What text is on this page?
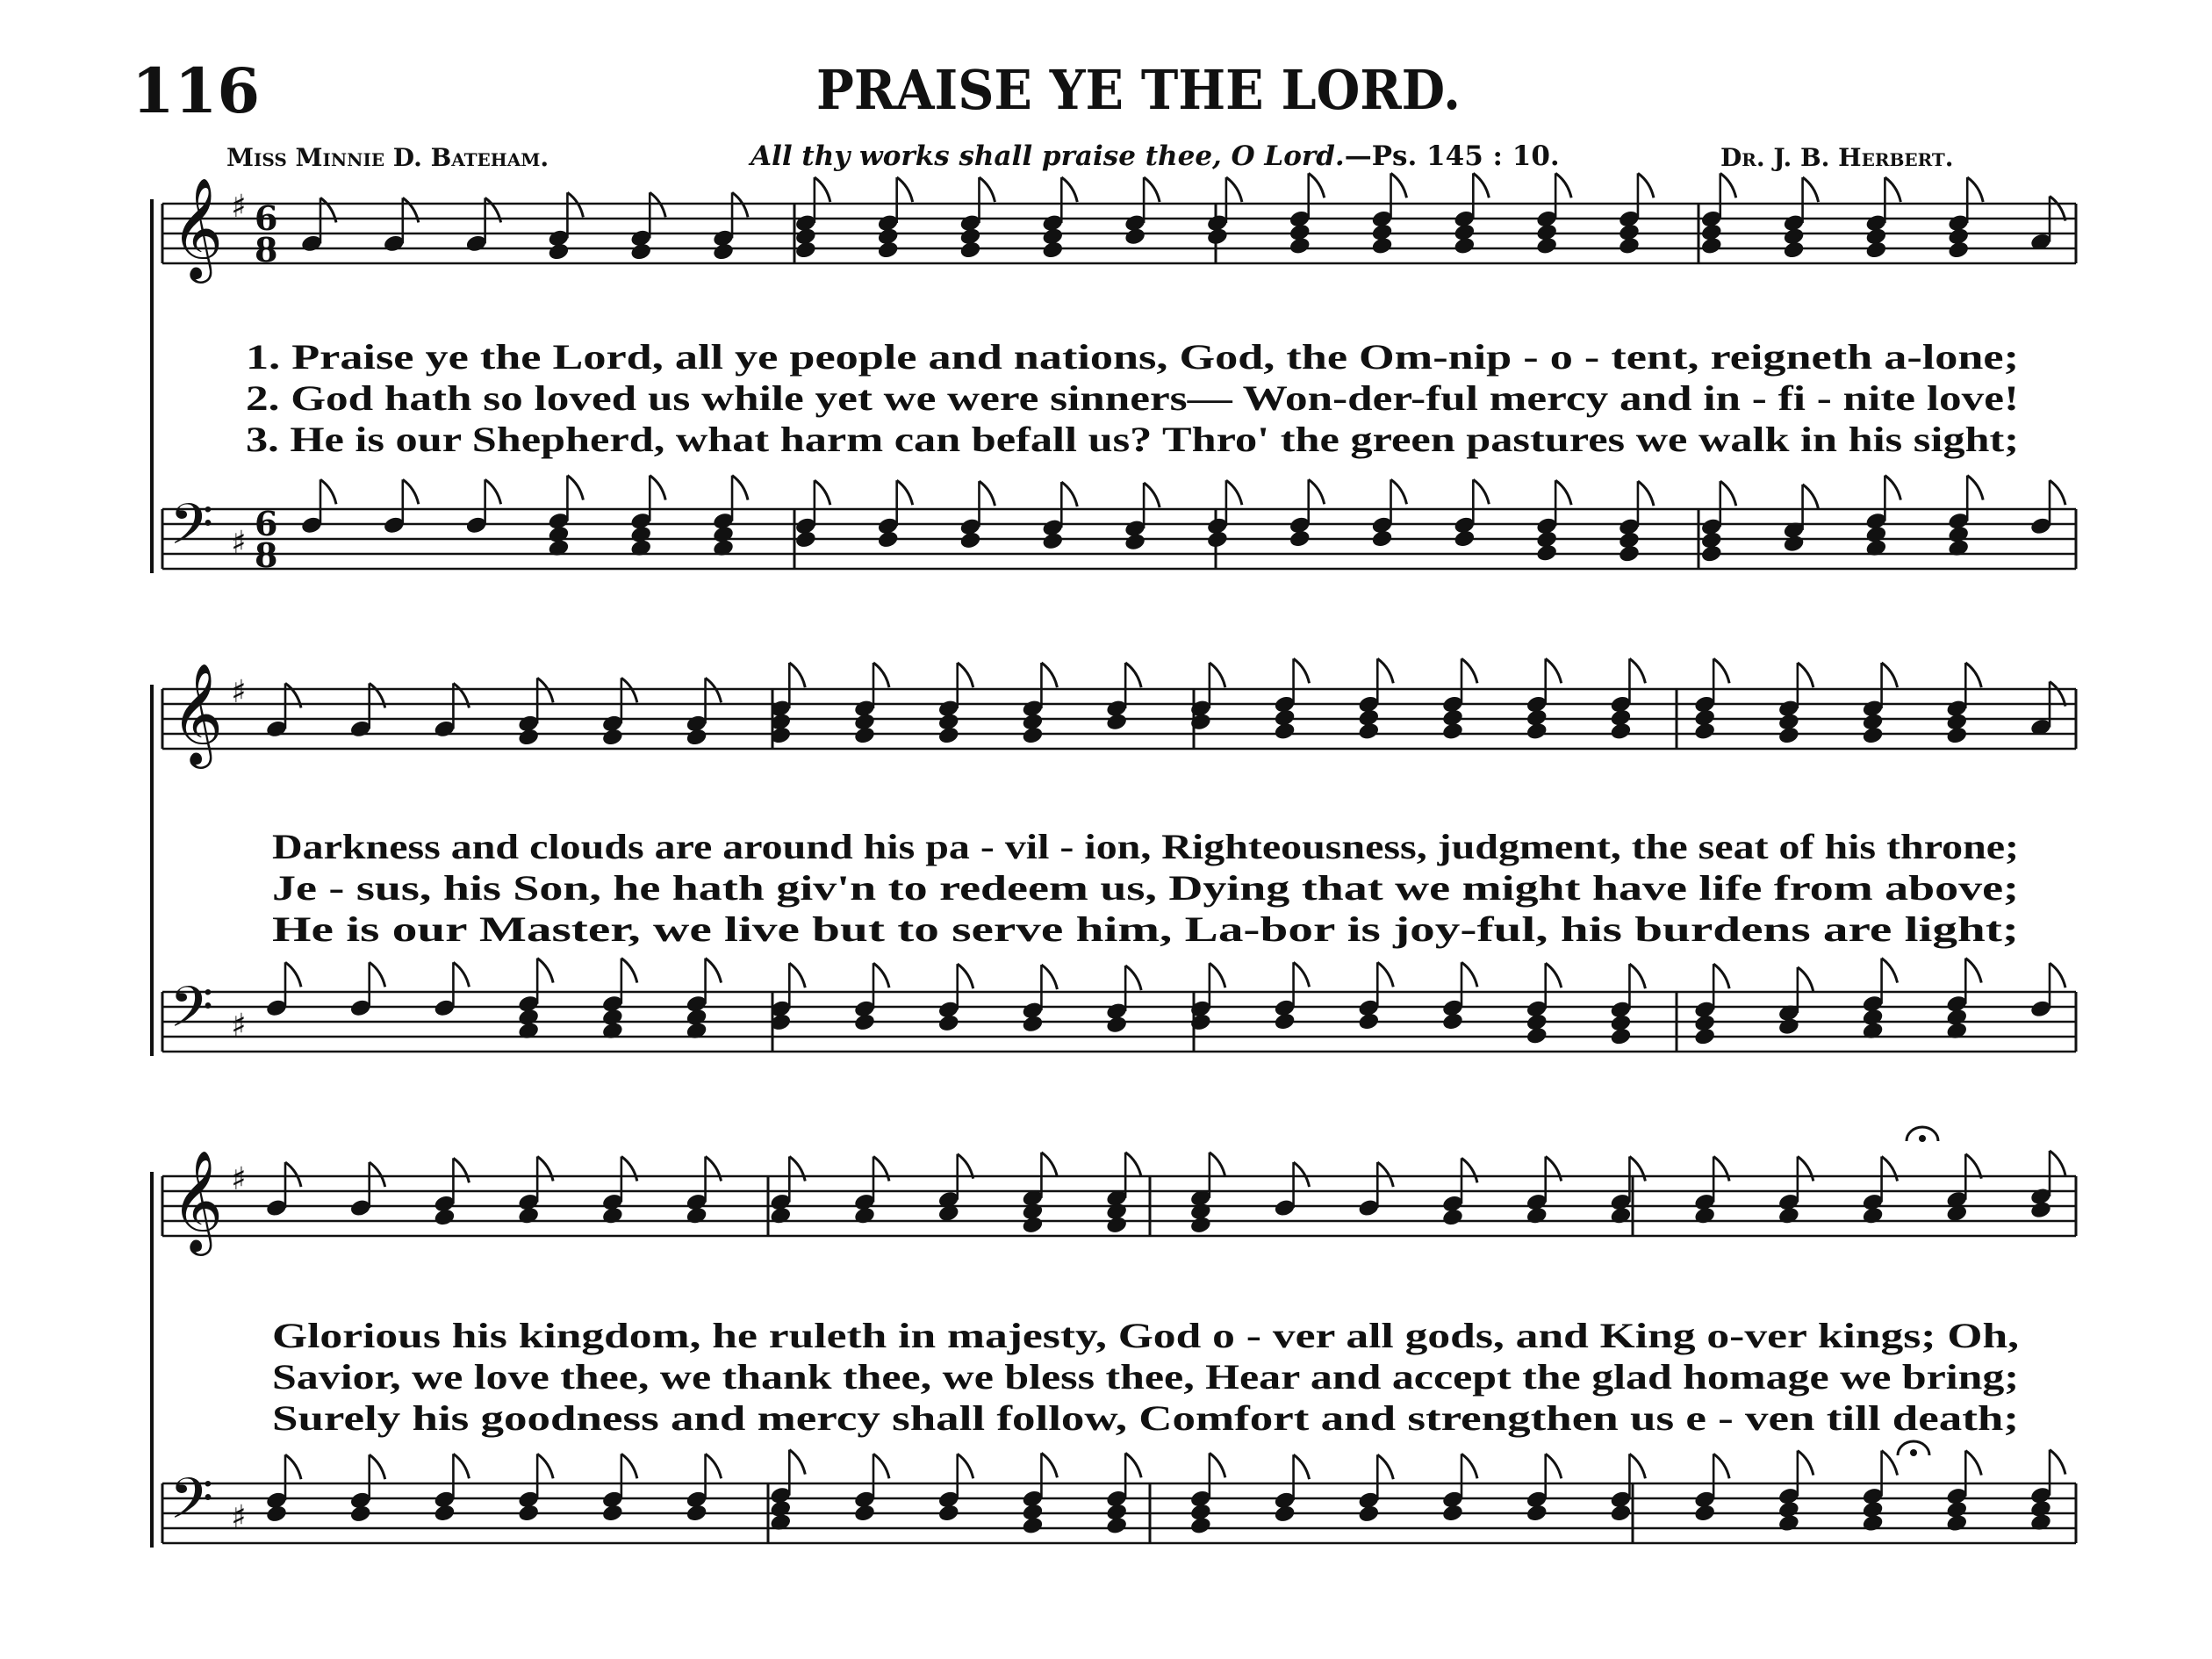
116	PRAISE YE THE LORD.
Miss Minnie D. Bateham.	All thy works shall praise thee, O Lord.—Ps. 145 : 10.	Dr. J. B. Herbert.
𝄞 ♯ 6
8
𝄢 ♯ 6
8
1. Praise ye the Lord, all ye people and nations, God, the Om-nip - o - tent, reigneth a-lone;
2. God hath so loved us while yet we were sinners— Won-der-ful mercy and in - fi - nite love!
3. He is our Shepherd, what harm can befall us? Thro' the green pastures we walk in his sight;
𝄞 ♯
𝄢 ♯
Darkness and clouds are around his pa - vil - ion, Righteousness, judgment, the seat of his throne;
Je - sus, his Son, he hath giv'n to redeem us, Dying that we might have life from above;
He is our Master, we live but to serve him, La-bor is joy-ful, his burdens are light;
𝄞 ♯
𝄢 ♯
Glorious his kingdom, he ruleth in majesty, God o - ver all gods, and King o-ver kings; Oh,
Savior, we love thee, we thank thee, we bless thee, Hear and accept the glad homage we bring;
Surely his goodness and mercy shall follow, Comfort and strengthen us e - ven till death;
